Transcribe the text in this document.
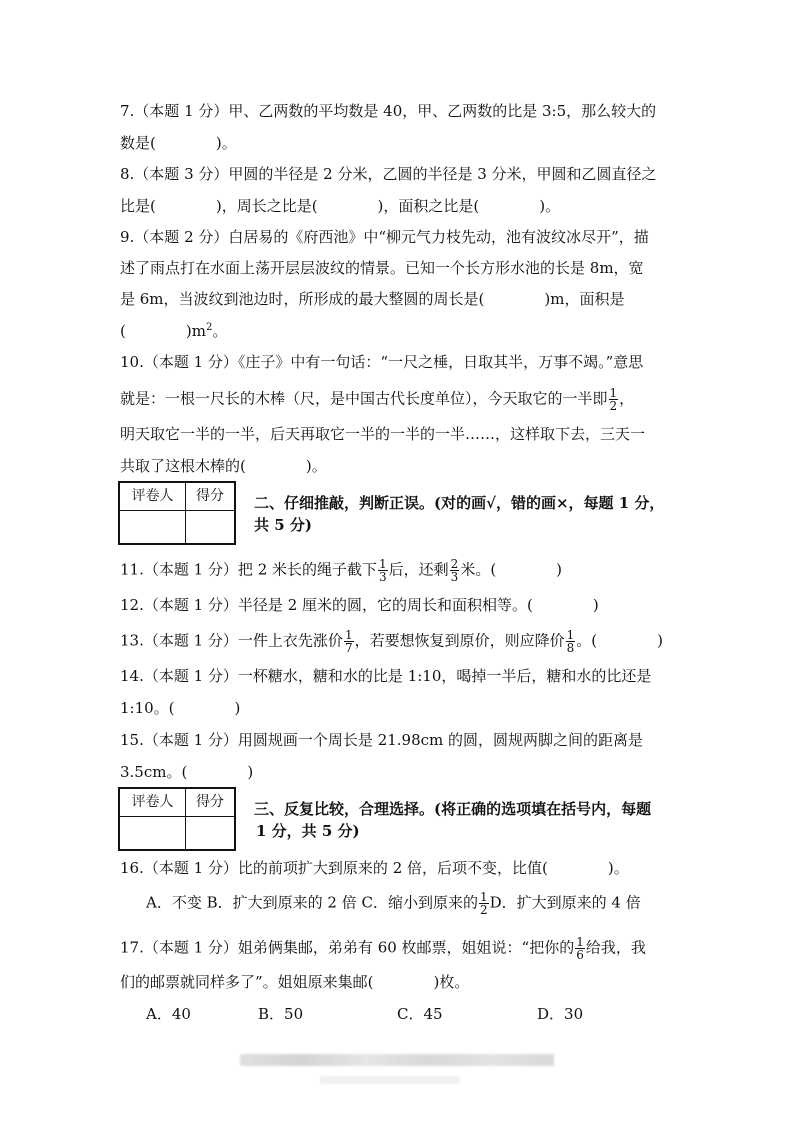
7.（本题 1 分）甲、乙两数的平均数是 40，甲、乙两数的比是 3:5，那么较大的
数是(　　　　)。
8.（本题 3 分）甲圆的半径是 2 分米，乙圆的半径是 3 分米，甲圆和乙圆直径之
比是(　　　　)，周长之比是(　　　　)，面积之比是(　　　　)。
9.（本题 2 分）白居易的《府西池》中“柳元气力枝先动，池有波纹冰尽开”，描
述了雨点打在水面上荡开层层波纹的情景。已知一个长方形水池的长是 8m，宽
是 6m，当波纹到池边时，所形成的最大整圆的周长是(　　　　)m，面积是
(　　　　)$m^2$。
10.（本题 1 分）《庄子》中有一句话：“一尺之棰，日取其半，万事不竭。”意思
就是：一根一尺长的木棒（尺，是中国古代长度单位），今天取它的一半即 $\frac{1}{2}$ ，
明天取它一半的一半，后天再取它一半的一半的一半……，这样取下去，三天一
共取了这根木棒的(　　　　)。
评卷人	得分	二、仔细推敲，判断正误。(对的画√，错的画×，每题 1 分，
共 5 分)
11.（本题 1 分）把 2 米长的绳子截下 $\frac{1}{3}$ 后，还剩 $\frac{2}{3}$ 米。(　　　　)
12.（本题 1 分）半径是 2 厘米的圆，它的周长和面积相等。(　　　　)
13.（本题 1 分）一件上衣先涨价 $\frac{1}{7}$ ，若要想恢复到原价，则应降价 $\frac{1}{8}$ 。(　　　　)
14.（本题 1 分）一杯糖水，糖和水的比是 1:10，喝掉一半后，糖和水的比还是
1:10。(　　　　)
15.（本题 1 分）用圆规画一个周长是 21.98cm 的圆，圆规两脚之间的距离是
3.5cm。(　　　　)
评卷人	得分	三、反复比较，合理选择。(将正确的选项填在括号内，每题
1 分，共 5 分)
16.（本题 1 分）比的前项扩大到原来的 2 倍，后项不变，比值(　　　　)。
A．不变 B．扩大到原来的 2 倍 C．缩小到原来的 $\frac{1}{2}$ D．扩大到原来的 4 倍
17.（本题 1 分）姐弟俩集邮，弟弟有 60 枚邮票，姐姐说：“把你的 $\frac{1}{6}$ 给我，我
们的邮票就同样多了”。姐姐原来集邮(　　　　)枚。
A．40	B．50	C．45	D．30
